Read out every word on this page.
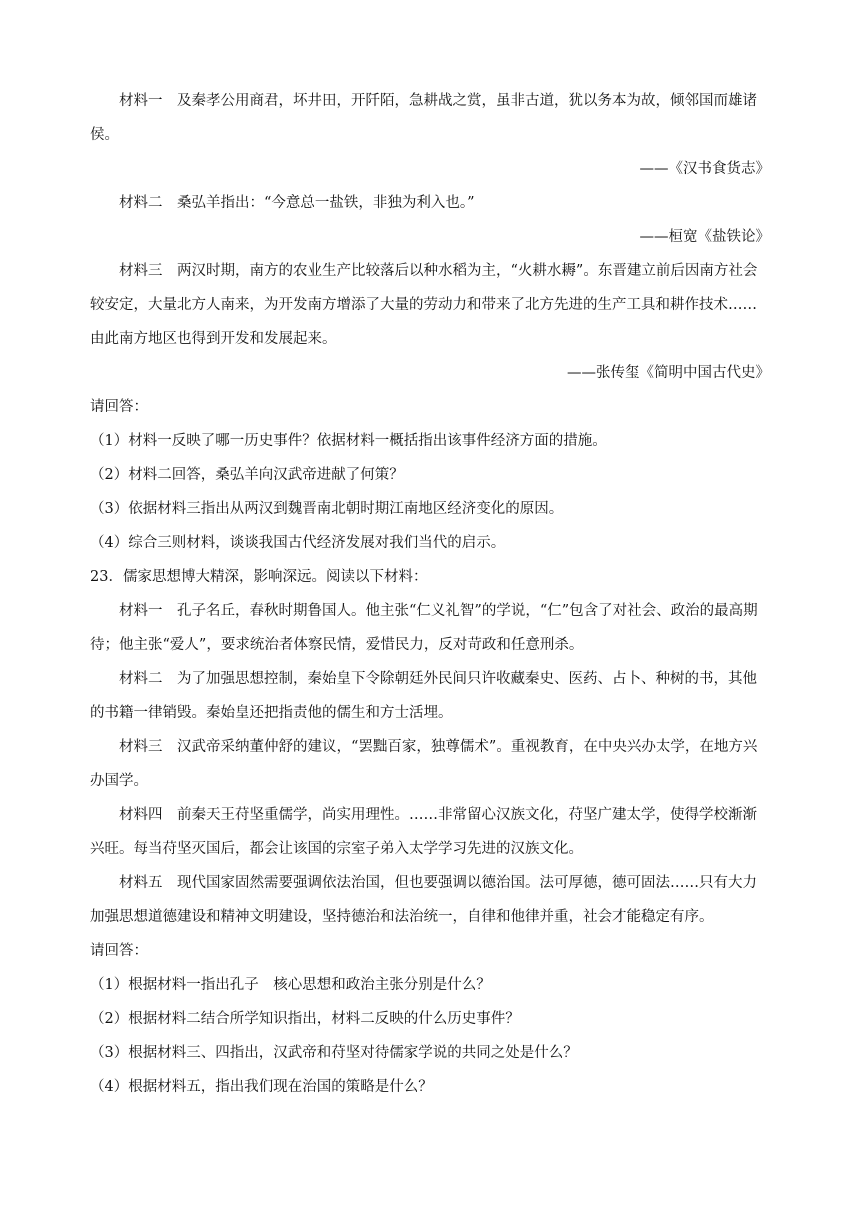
材料一　及秦孝公用商君，坏井田，开阡陌，急耕战之赏，虽非古道，犹以务本为故，倾邻国而雄诸侯。

——《汉书食货志》

材料二　桑弘羊指出：“今意总一盐铁，非独为利入也。”

——桓宽《盐铁论》

材料三　两汉时期，南方的农业生产比较落后以种水稻为主，“火耕水耨”。东晋建立前后因南方社会较安定，大量北方人南来，为开发南方增添了大量的劳动力和带来了北方先进的生产工具和耕作技术……由此南方地区也得到开发和发展起来。

——张传玺《简明中国古代史》

请回答：

（1）材料一反映了哪一历史事件？依据材料一概括指出该事件经济方面的措施。

（2）材料二回答，桑弘羊向汉武帝进献了何策？

（3）依据材料三指出从两汉到魏晋南北朝时期江南地区经济变化的原因。

（4）综合三则材料，谈谈我国古代经济发展对我们当代的启示。

23．儒家思想博大精深，影响深远。阅读以下材料：

材料一　孔子名丘，春秋时期鲁国人。他主张“仁义礼智”的学说，“仁”包含了对社会、政治的最高期待；他主张“爱人”，要求统治者体察民情，爱惜民力，反对苛政和任意刑杀。

材料二　为了加强思想控制，秦始皇下令除朝廷外民间只许收藏秦史、医药、占卜、种树的书，其他的书籍一律销毁。秦始皇还把指责他的儒生和方士活埋。

材料三　汉武帝采纳董仲舒的建议，“罢黜百家，独尊儒术”。重视教育，在中央兴办太学，在地方兴办国学。

材料四　前秦天王苻坚重儒学，尚实用理性。……非常留心汉族文化，苻坚广建太学，使得学校渐渐兴旺。每当苻坚灭国后，都会让该国的宗室子弟入太学学习先进的汉族文化。

材料五　现代国家固然需要强调依法治国，但也要强调以德治国。法可厚德，德可固法……只有大力加强思想道德建设和精神文明建设，坚持德治和法治统一，自律和他律并重，社会才能稳定有序。

请回答：

（1）根据材料一指出孔子　核心思想和政治主张分别是什么？

（2）根据材料二结合所学知识指出，材料二反映的什么历史事件？

（3）根据材料三、四指出，汉武帝和苻坚对待儒家学说的共同之处是什么？

（4）根据材料五，指出我们现在治国的策略是什么？
